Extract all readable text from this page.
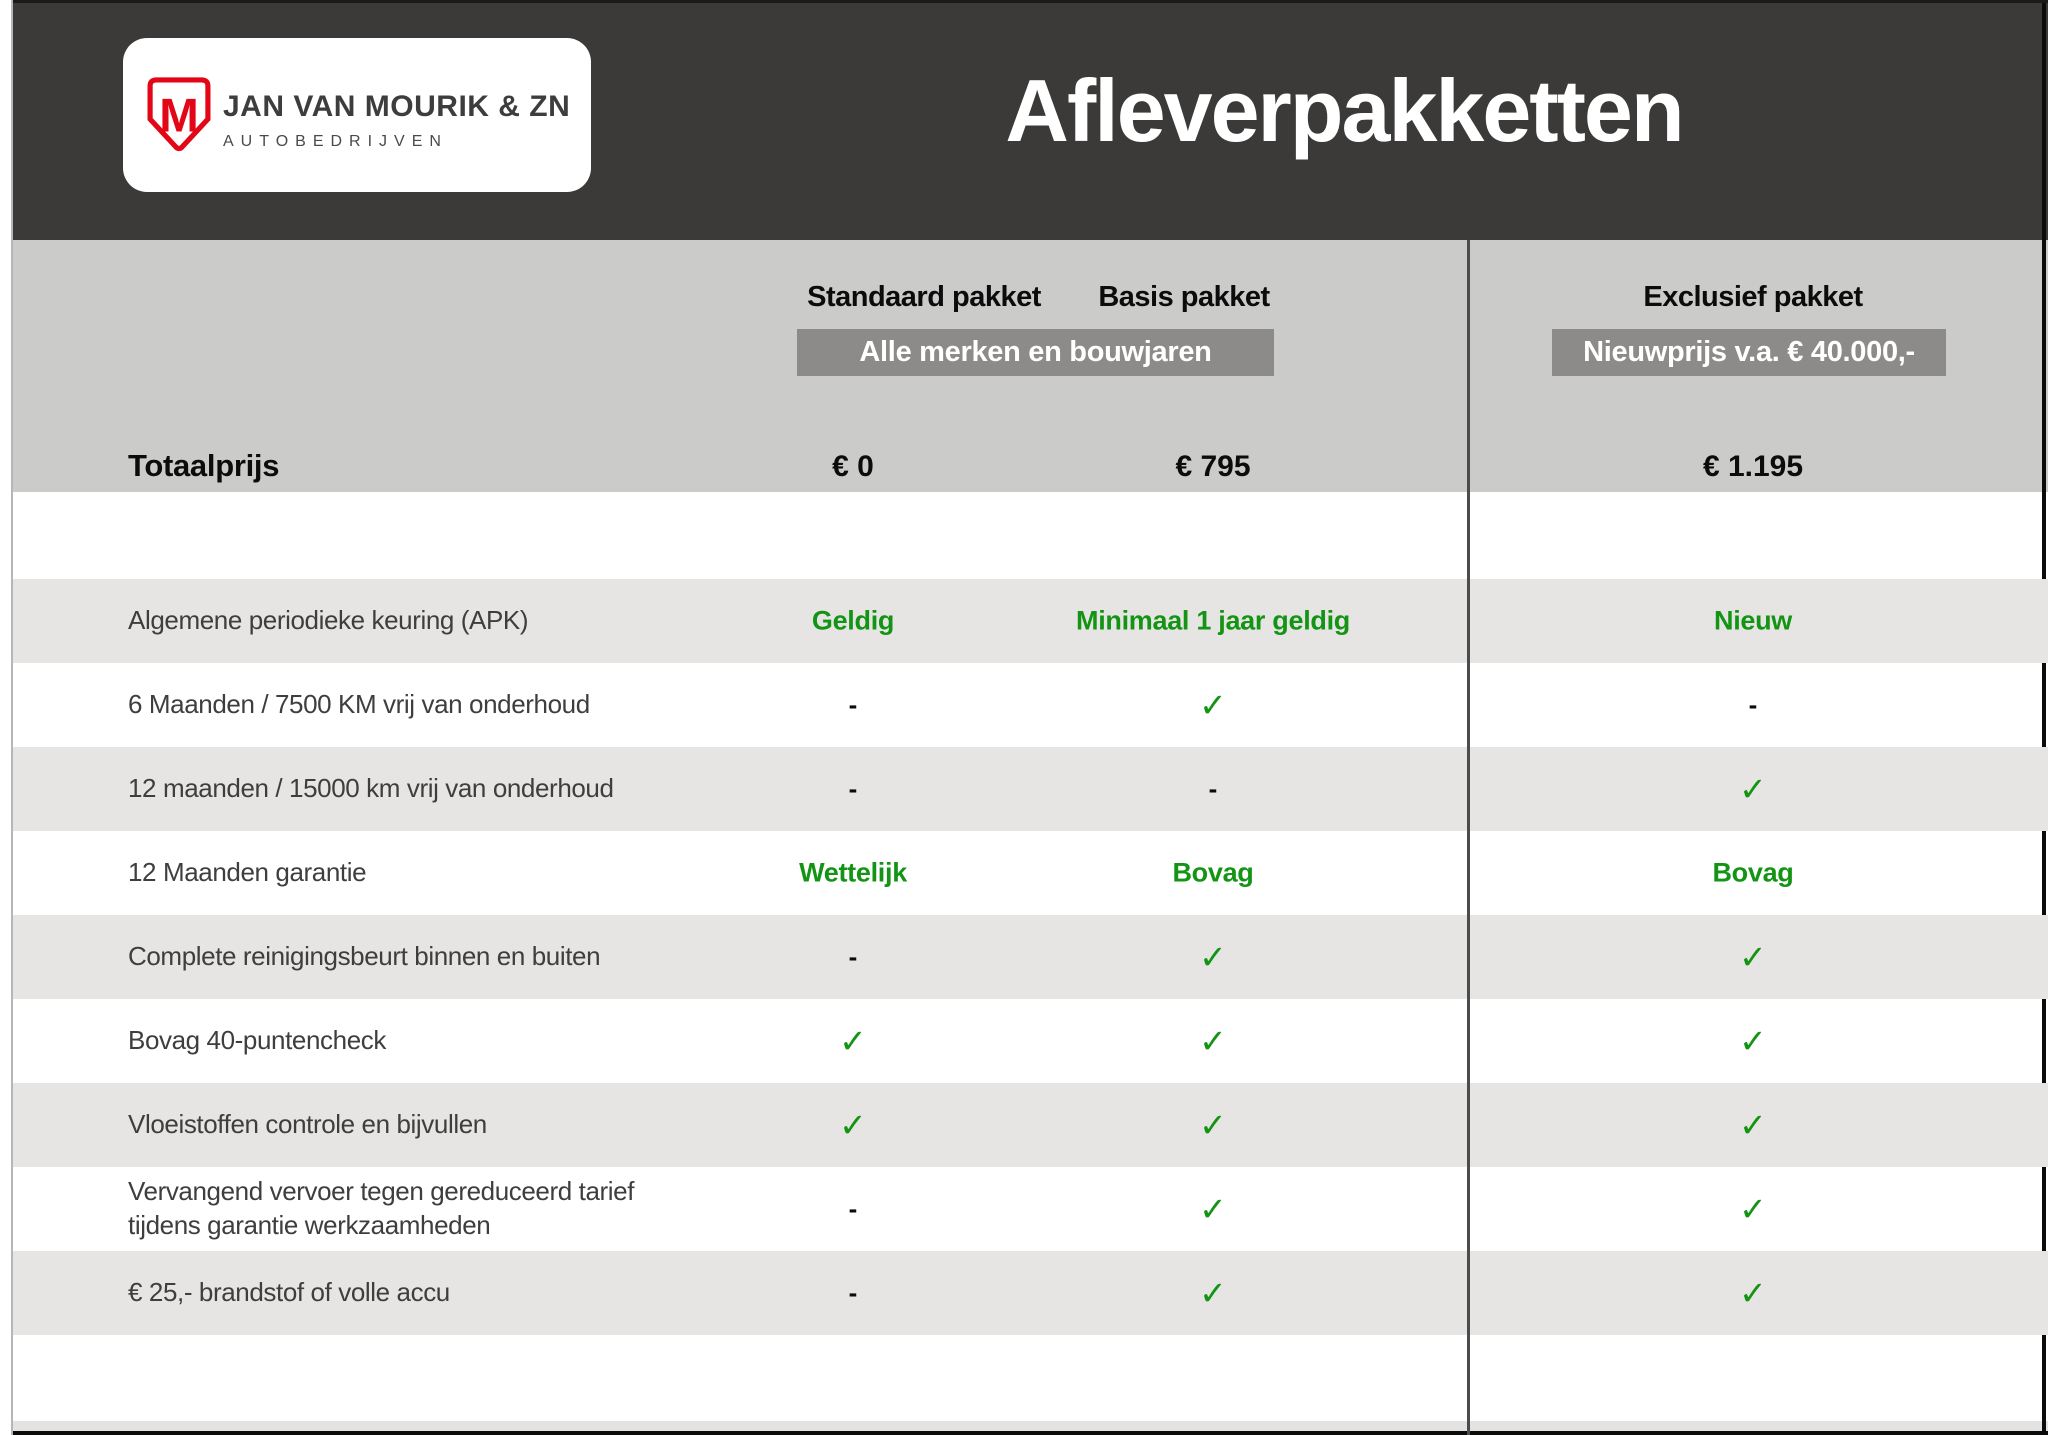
M JAN VAN MOURIK & ZN
AUTOBEDRIJVEN	Afleverpakketten
Standaard pakket Basis pakket	Exclusief pakket
Alle merken en bouwjaren	Nieuwprijs v.a. € 40.000,-
Totaalprijs	€ 0	€ 795	€ 1.195
Algemene periodieke keuring (APK)	Geldig	Minimaal 1 jaar geldig	Nieuw
6 Maanden / 7500 KM vrij van onderhoud	-	✓	-
12 maanden / 15000 km vrij van onderhoud	-	-	✓
12 Maanden garantie	Wettelijk	Bovag	Bovag
Complete reinigingsbeurt binnen en buiten	-	✓	✓
Bovag 40-puntencheck	✓	✓	✓
Vloeistoffen controle en bijvullen	✓	✓	✓
Vervangend vervoer tegen gereduceerd tarief
tijdens garantie werkzaamheden
-	✓	✓
€ 25,- brandstof of volle accu	-	✓	✓
